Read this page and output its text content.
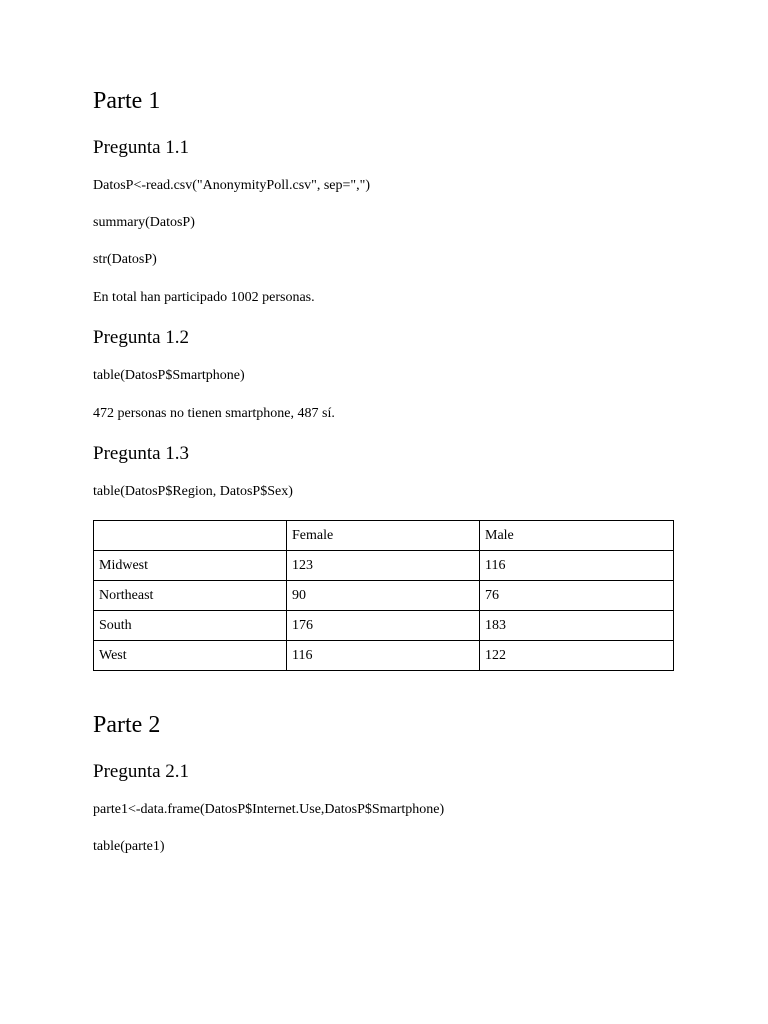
Parte 1
Pregunta 1.1
DatosP<-read.csv("AnonymityPoll.csv", sep=",")
summary(DatosP)
str(DatosP)
En total han participado 1002 personas.
Pregunta 1.2
table(DatosP$Smartphone)
472 personas no tienen smartphone, 487 sí.
Pregunta 1.3
table(DatosP$Region, DatosP$Sex)
	Female	Male
Midwest	123	116
Northeast	90	76
South	176	183
West	116	122
Parte 2
Pregunta 2.1
parte1<-data.frame(DatosP$Internet.Use,DatosP$Smartphone)
table(parte1)
